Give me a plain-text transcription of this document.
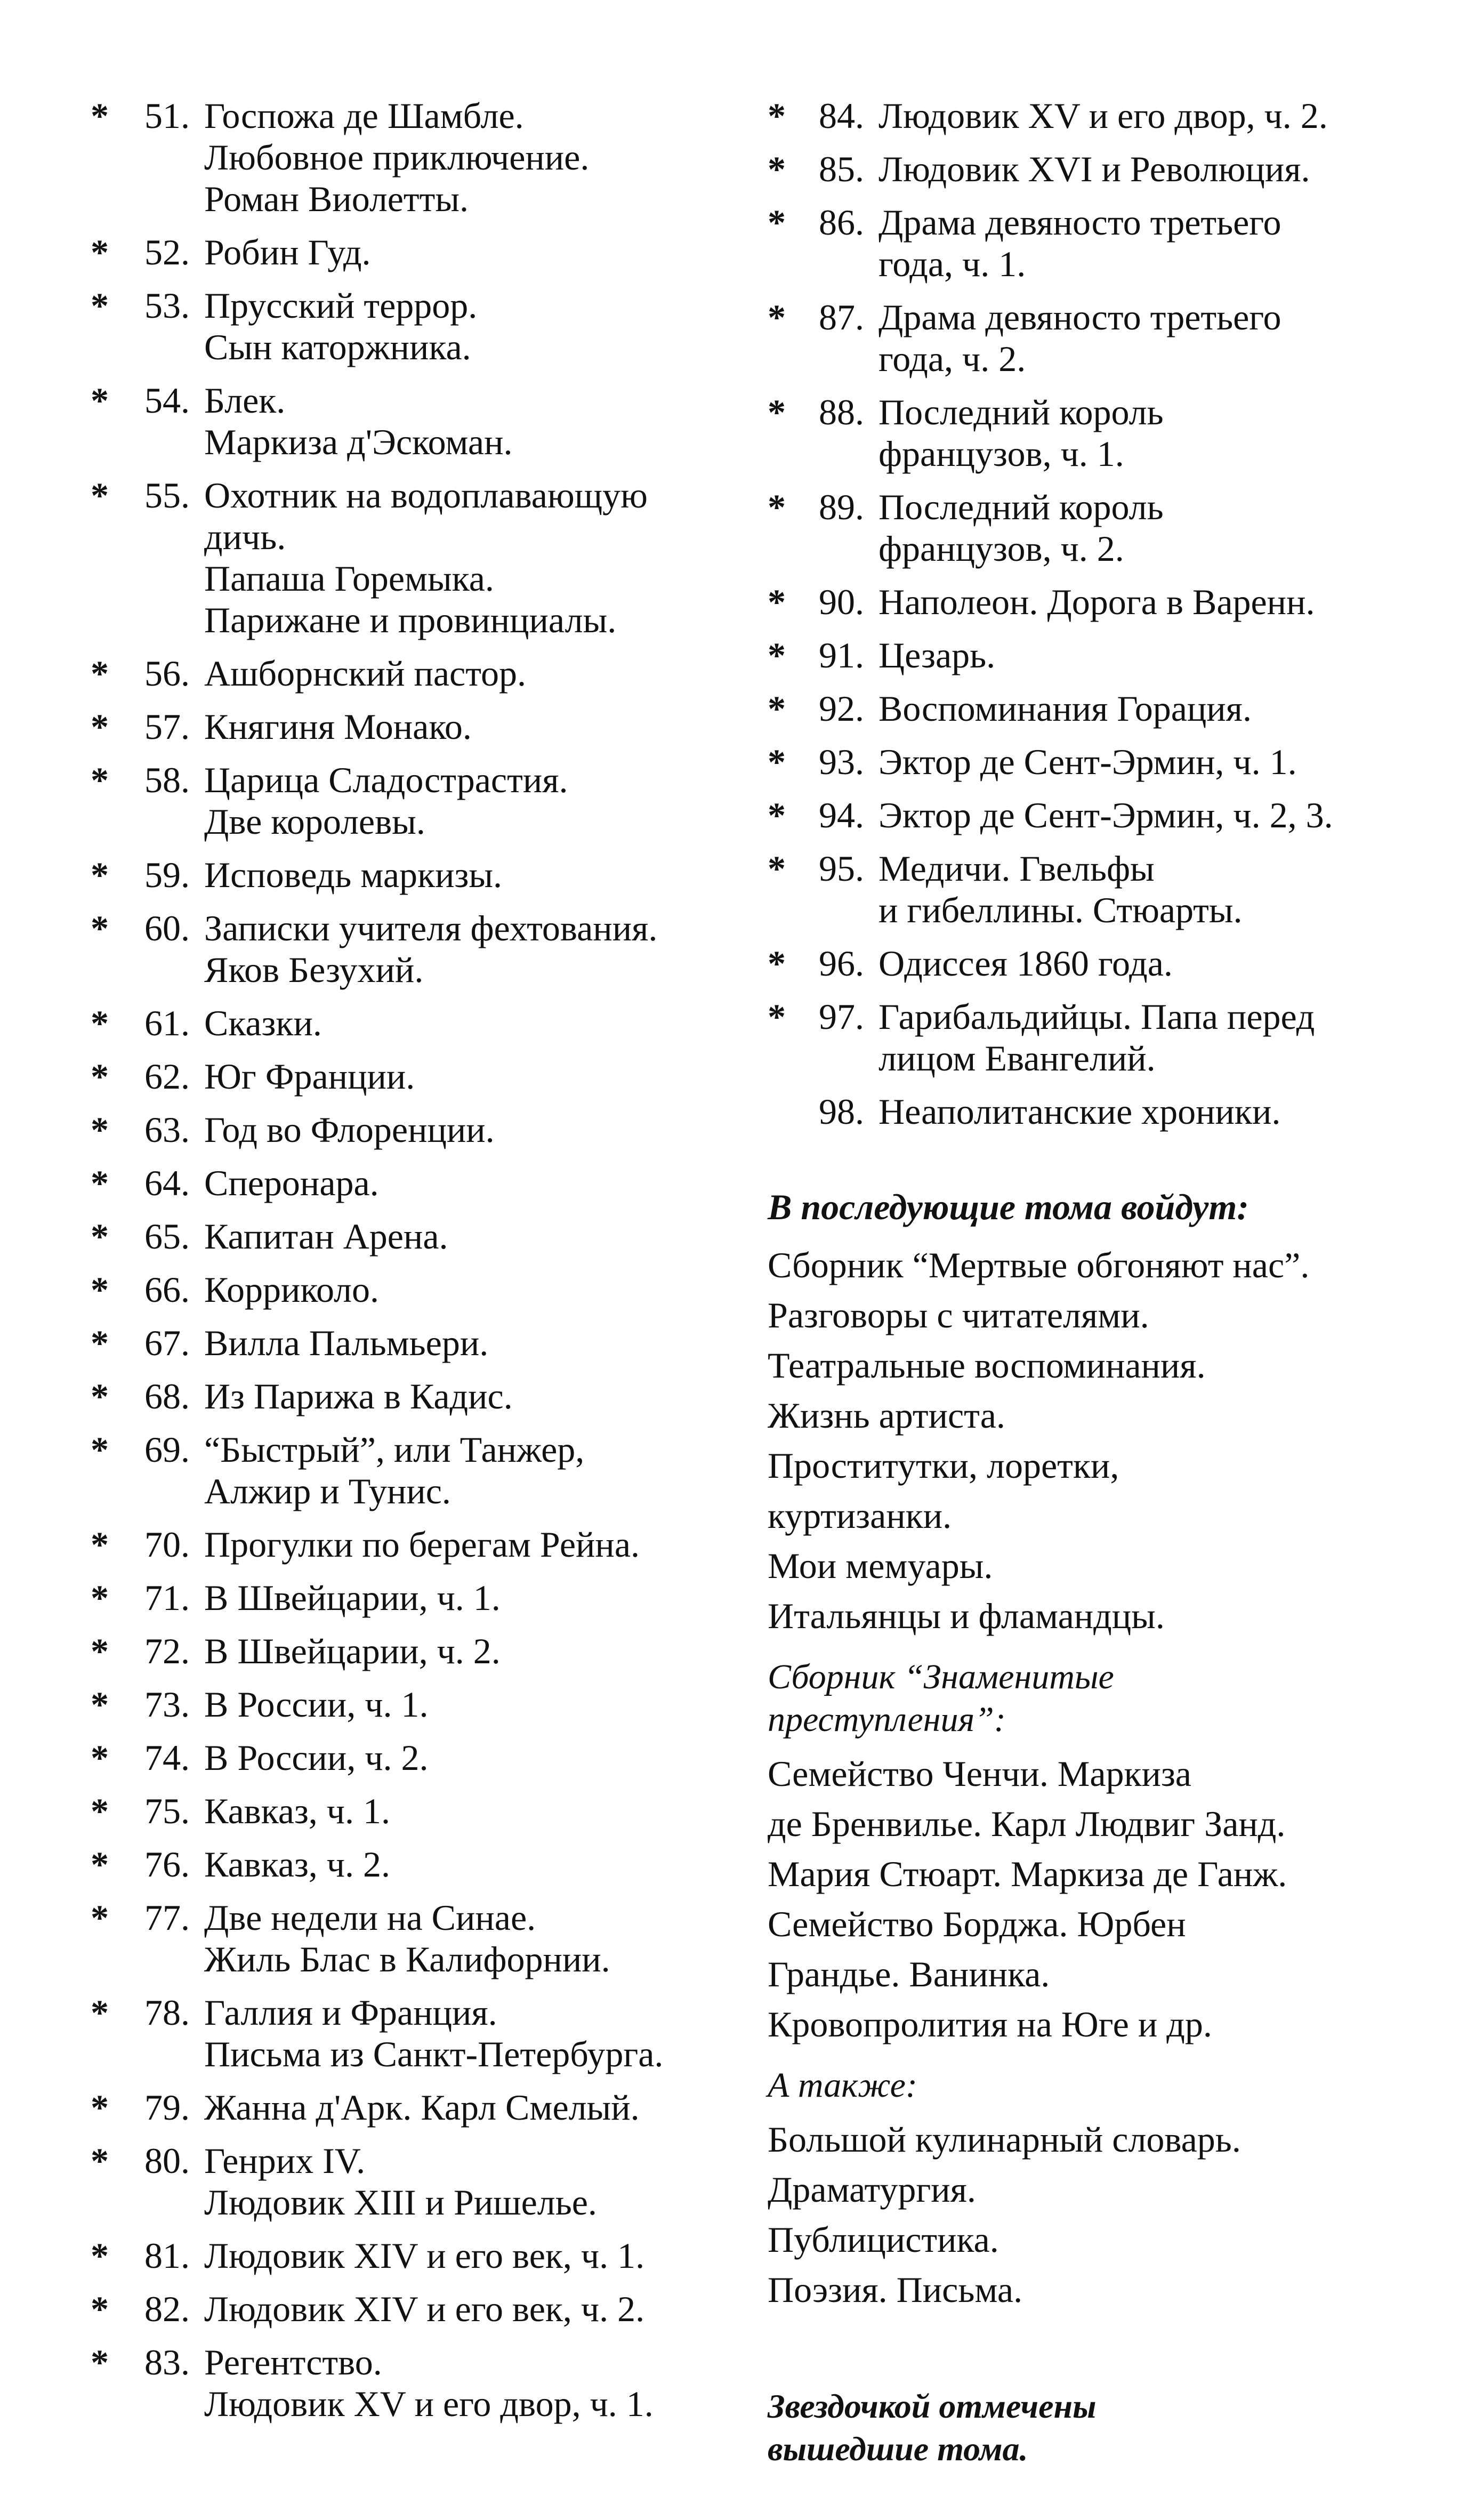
* 51. Госпожа де Шамбле.
Любовное приключение.
Роман Виолетты.
* 52. Робин Гуд.
* 53. Прусский террор.
Сын каторжника.
* 54. Блек.
Маркиза д'Эскоман.
* 55. Охотник на водоплавающую
дичь.
Папаша Горемыка.
Парижане и провинциалы.
* 56. Ашборнский пастор.
* 57. Княгиня Монако.
* 58. Царица Сладострастия.
Две королевы.
* 59. Исповедь маркизы.
* 60. Записки учителя фехтования.
Яков Безухий.
* 61. Сказки.
* 62. Юг Франции.
* 63. Год во Флоренции.
* 64. Сперонара.
* 65. Капитан Арена.
* 66. Корриколо.
* 67. Вилла Пальмьери.
* 68. Из Парижа в Кадис.
* 69. “Быстрый”, или Танжер,
Алжир и Тунис.
* 70. Прогулки по берегам Рейна.
* 71. В Швейцарии, ч. 1.
* 72. В Швейцарии, ч. 2.
* 73. В России, ч. 1.
* 74. В России, ч. 2.
* 75. Кавказ, ч. 1.
* 76. Кавказ, ч. 2.
* 77. Две недели на Синае.
Жиль Блас в Калифорнии.
* 78. Галлия и Франция.
Письма из Санкт-Петербурга.
* 79. Жанна д'Арк. Карл Смелый.
* 80. Генрих IV.
Людовик XIII и Ришелье.
* 81. Людовик XIV и его век, ч. 1.
* 82. Людовик XIV и его век, ч. 2.
* 83. Регентство.
Людовик XV и его двор, ч. 1.
* 84. Людовик XV и его двор, ч. 2.
* 85. Людовик XVI и Революция.
* 86. Драма девяносто третьего
года, ч. 1.
* 87. Драма девяносто третьего
года, ч. 2.
* 88. Последний король
французов, ч. 1.
* 89. Последний король
французов, ч. 2.
* 90. Наполеон. Дорога в Варенн.
* 91. Цезарь.
* 92. Воспоминания Горация.
* 93. Эктор де Сент-Эрмин, ч. 1.
* 94. Эктор де Сент-Эрмин, ч. 2, 3.
* 95. Медичи. Гвельфы
и гибеллины. Стюарты.
* 96. Одиссея 1860 года.
* 97. Гарибальдийцы. Папа перед
лицом Евангелий.
98. Неаполитанские хроники.
В последующие тома войдут:
Сборник “Мертвые обгоняют нас”.
Разговоры с читателями.
Театральные воспоминания.
Жизнь артиста.
Проститутки, лоретки,
куртизанки.
Мои мемуары.
Итальянцы и фламандцы.
Сборник “Знаменитые
преступления”:
Семейство Ченчи. Маркиза
де Бренвилье. Карл Людвиг Занд.
Мария Стюарт. Маркиза де Ганж.
Семейство Борджа. Юрбен
Грандье. Ванинка.
Кровопролития на Юге и др.
А также:
Большой кулинарный словарь.
Драматургия.
Публицистика.
Поэзия. Письма.
Звездочкой отмечены
вышедшие тома.
